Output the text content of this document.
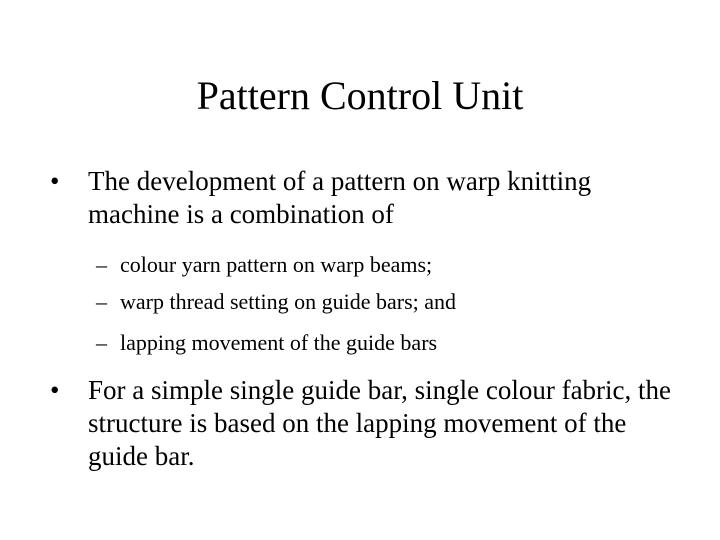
Pattern Control Unit
•	The development of a pattern on warp knitting machine is a combination of
– colour yarn pattern on warp beams;
– warp thread setting on guide bars; and
– lapping movement of the guide bars
•	For a simple single guide bar, single colour fabric, the structure is based on the lapping movement of the guide bar.
